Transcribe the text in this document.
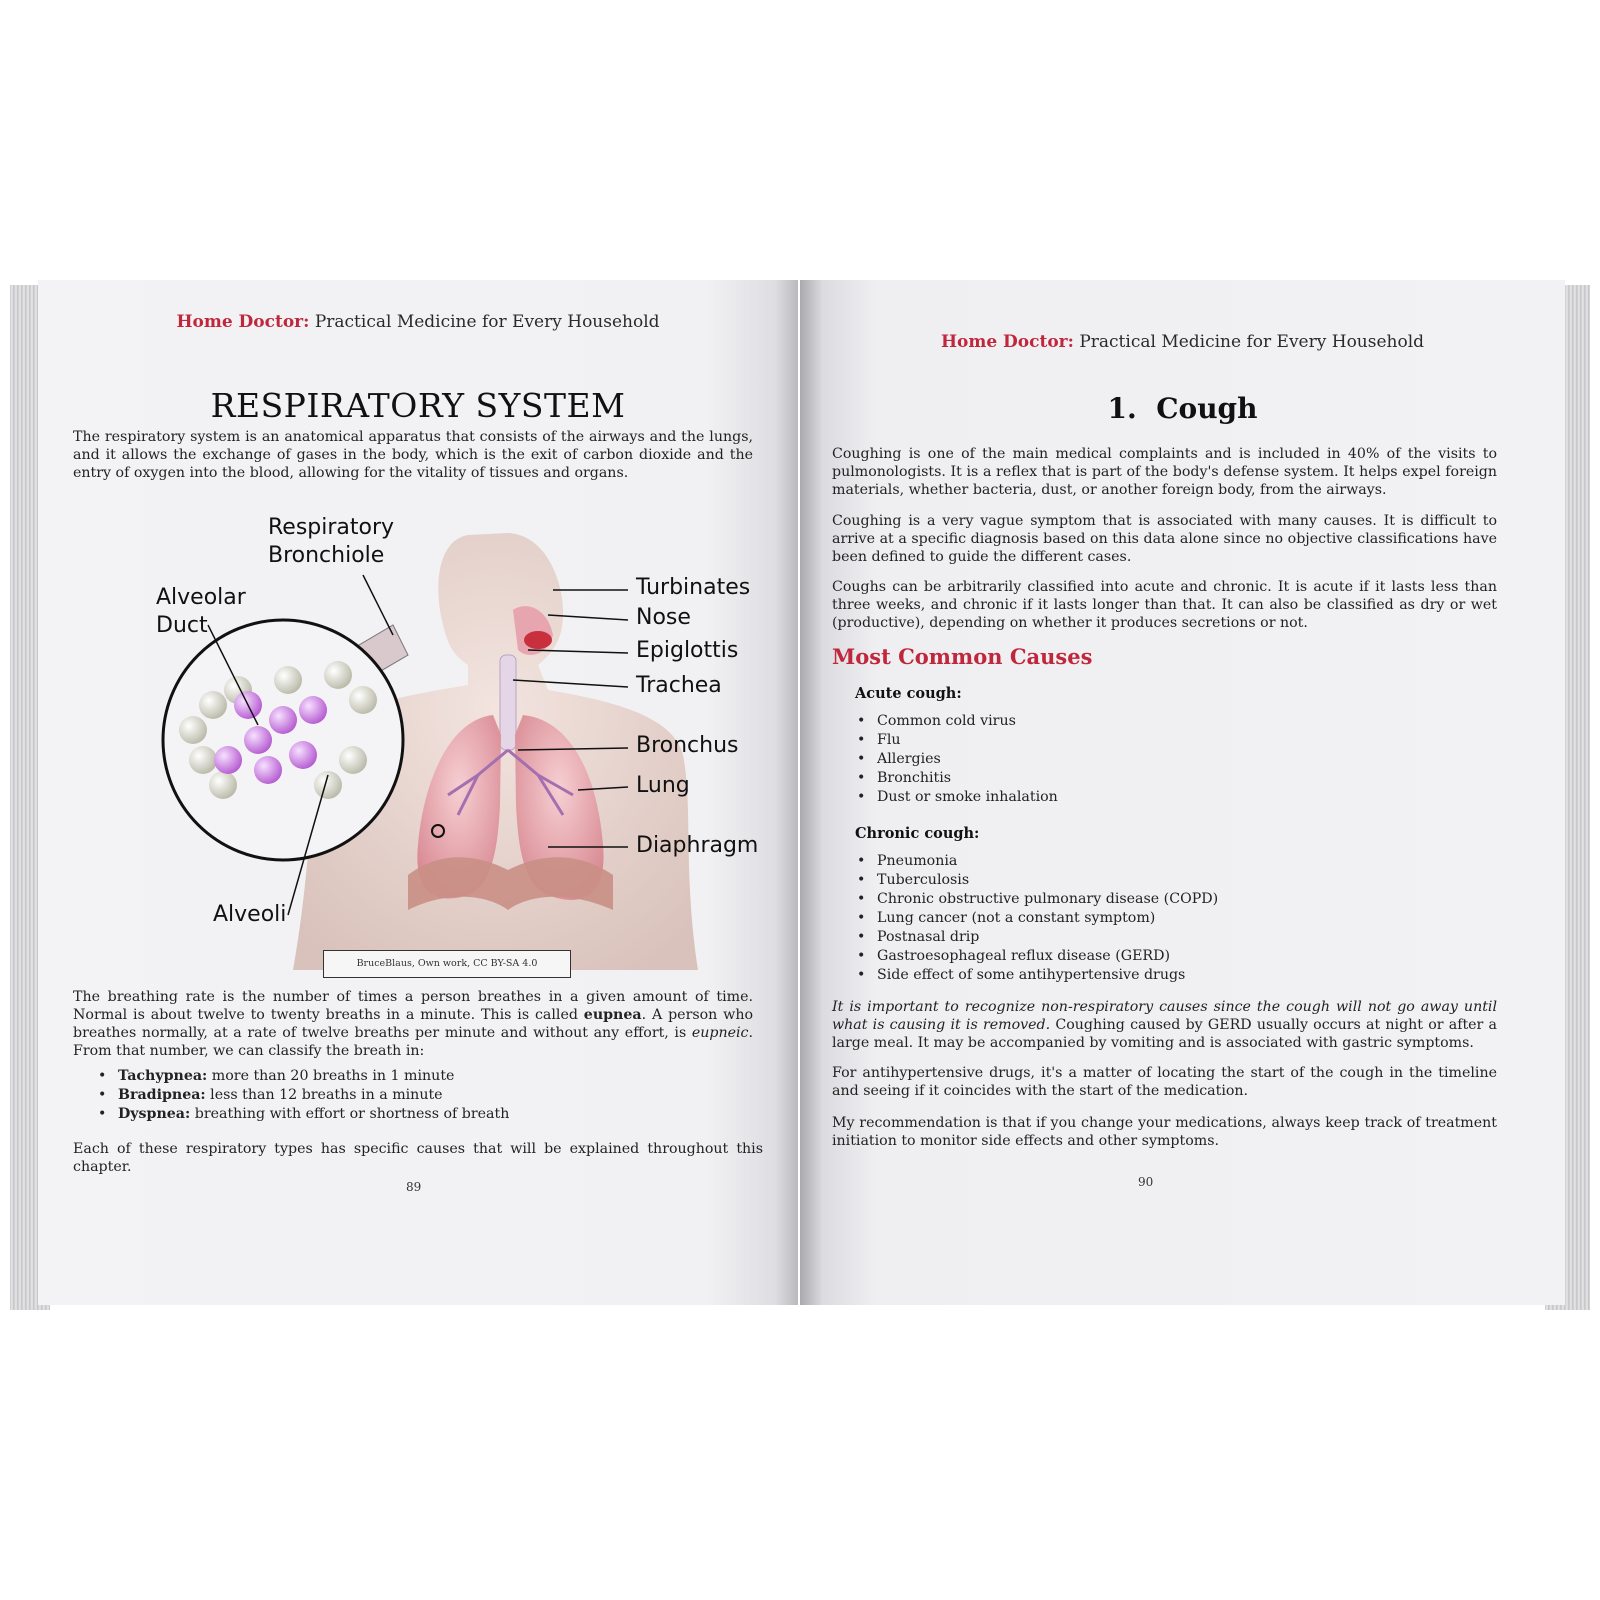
Home Doctor: Practical Medicine for Every Household
RESPIRATORY SYSTEM
The respiratory system is an anatomical apparatus that consists of the airways and the lungs, and it allows the exchange of gases in the body, which is the exit of carbon dioxide and the entry of oxygen into the blood, allowing for the vitality of tissues and organs.
Respiratory
Bronchiole
Alveolar
Duct
Alveoli
Turbinates
Nose
Epiglottis
Trachea
Bronchus
Lung
Diaphragm
BruceBlaus, Own work, CC BY-SA 4.0
The breathing rate is the number of times a person breathes in a given amount of time. Normal is about twelve to twenty breaths in a minute. This is called eupnea. A person who breathes normally, at a rate of twelve breaths per minute and without any effort, is eupneic. From that number, we can classify the breath in:
• Tachypnea: more than 20 breaths in 1 minute
• Bradipnea: less than 12 breaths in a minute
• Dyspnea: breathing with effort or shortness of breath
Each of these respiratory types has specific causes that will be explained throughout this chapter.
89
Home Doctor: Practical Medicine for Every Household
1.  Cough
Coughing is one of the main medical complaints and is included in 40% of the visits to pulmonologists. It is a reflex that is part of the body's defense system. It helps expel foreign materials, whether bacteria, dust, or another foreign body, from the airways.
Coughing is a very vague symptom that is associated with many causes. It is difficult to arrive at a specific diagnosis based on this data alone since no objective classifications have been defined to guide the different cases.
Coughs can be arbitrarily classified into acute and chronic. It is acute if it lasts less than three weeks, and chronic if it lasts longer than that. It can also be classified as dry or wet (productive), depending on whether it produces secretions or not.
Most Common Causes
Acute cough:
• Common cold virus
• Flu
• Allergies
• Bronchitis
• Dust or smoke inhalation
Chronic cough:
• Pneumonia
• Tuberculosis
• Chronic obstructive pulmonary disease (COPD)
• Lung cancer (not a constant symptom)
• Postnasal drip
• Gastroesophageal reflux disease (GERD)
• Side effect of some antihypertensive drugs
It is important to recognize non-respiratory causes since the cough will not go away until what is causing it is removed. Coughing caused by GERD usually occurs at night or after a large meal. It may be accompanied by vomiting and is associated with gastric symptoms.
For antihypertensive drugs, it's a matter of locating the start of the cough in the timeline and seeing if it coincides with the start of the medication.
My recommendation is that if you change your medications, always keep track of treatment initiation to monitor side effects and other symptoms.
90
